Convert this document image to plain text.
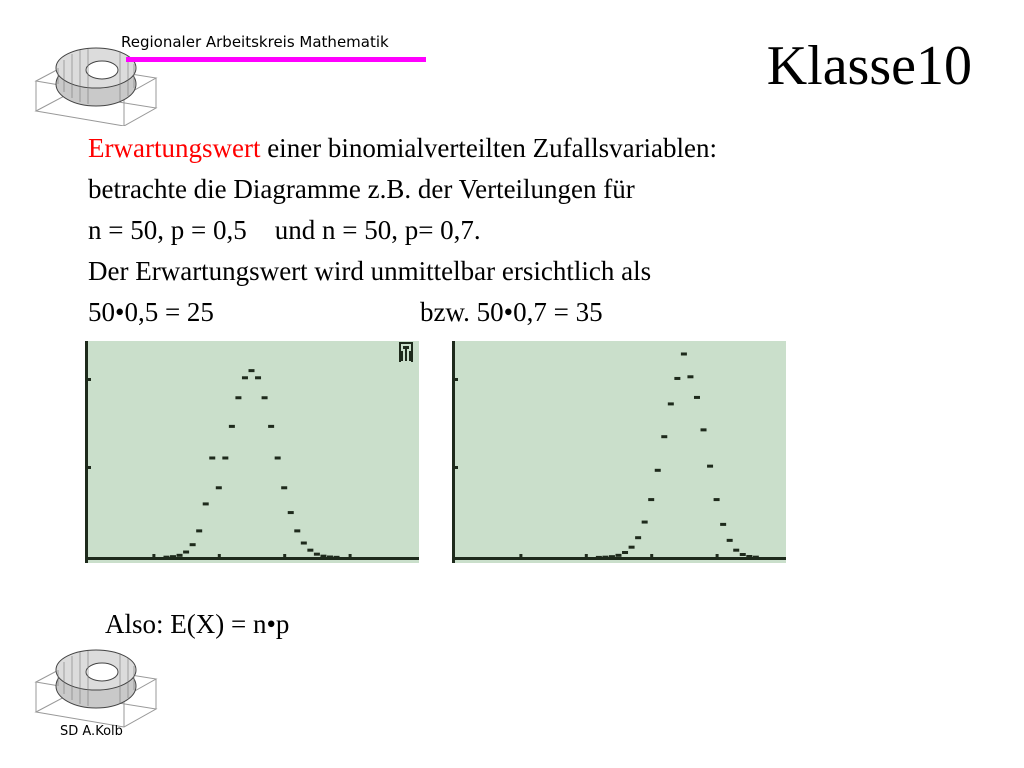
Regionaler Arbeitskreis Mathematik	Klasse10
Erwartungswert einer binomialverteilten Zufallsvariablen:
betrachte die Diagramme z.B. der Verteilungen für
n = 50, p = 0,5 und n = 50, p= 0,7.
Der Erwartungswert wird unmittelbar ersichtlich als
50•0,5 = 25	bzw. 50•0,7 = 35
Also: E(X) = n•p
SD A.Kolb
